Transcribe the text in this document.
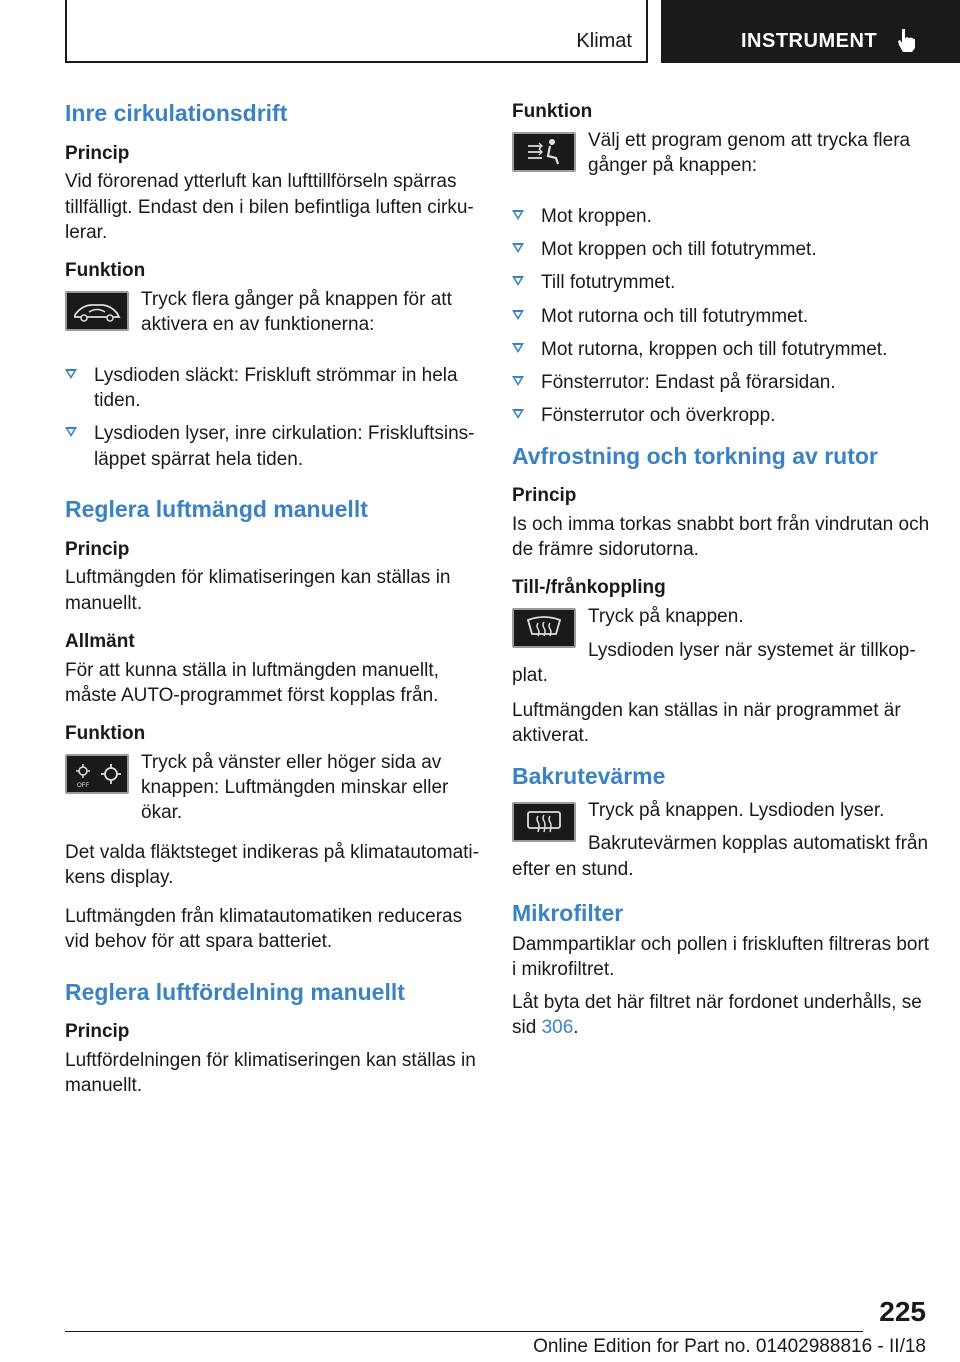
Klimat	INSTRUMENT
Inre cirkulationsdrift
Princip

Vid förorenad ytterluft kan lufttillförseln spärras tillfälligt. Endast den i bilen befintliga luften cirku-lerar.

Funktion
Tryck flera gånger på knappen för att aktivera en av funktionerna:
Lysdioden släckt: Friskluft strömmar in hela tiden.
Lysdioden lyser, inre cirkulation: Friskluftsins-läppet spärrat hela tiden.
Reglera luftmängd manuellt
Princip

Luftmängden för klimatiseringen kan ställas in manuellt.

Allmänt

För att kunna ställa in luftmängden manuellt, måste AUTO-programmet först kopplas från.

Funktion
OFF
Tryck på vänster eller höger sida av knappen: Luftmängden minskar eller ökar.

Det valda fläktsteget indikeras på klimatautomati-kens display.

Luftmängden från klimatautomatiken reduceras vid behov för att spara batteriet.

Reglera luftfördelning manuellt
Princip

Luftfördelningen för klimatiseringen kan ställas in manuellt.

Funktion
Välj ett program genom att trycka flera gånger på knappen:
Mot kroppen.
Mot kroppen och till fotutrymmet.
Till fotutrymmet.
Mot rutorna och till fotutrymmet.
Mot rutorna, kroppen och till fotutrymmet.
Fönsterrutor: Endast på förarsidan.
Fönsterrutor och överkropp.
Avfrostning och torkning av rutor
Princip

Is och imma torkas snabbt bort från vindrutan och de främre sidorutorna.

Till-/frånkoppling
Tryck på knappen.
Lysdioden lyser när systemet är tillkop-plat.

Luftmängden kan ställas in när programmet är aktiverat.

Bakrutevärme
Tryck på knappen. Lysdioden lyser.
Bakrutevärmen kopplas automatiskt från efter en stund.
Mikrofilter

Dammpartiklar och pollen i friskluften filtreras bort i mikrofiltret.

Låt byta det här filtret när fordonet underhålls, se sid 306.

225
Online Edition for Part no. 01402988816 - II/18
